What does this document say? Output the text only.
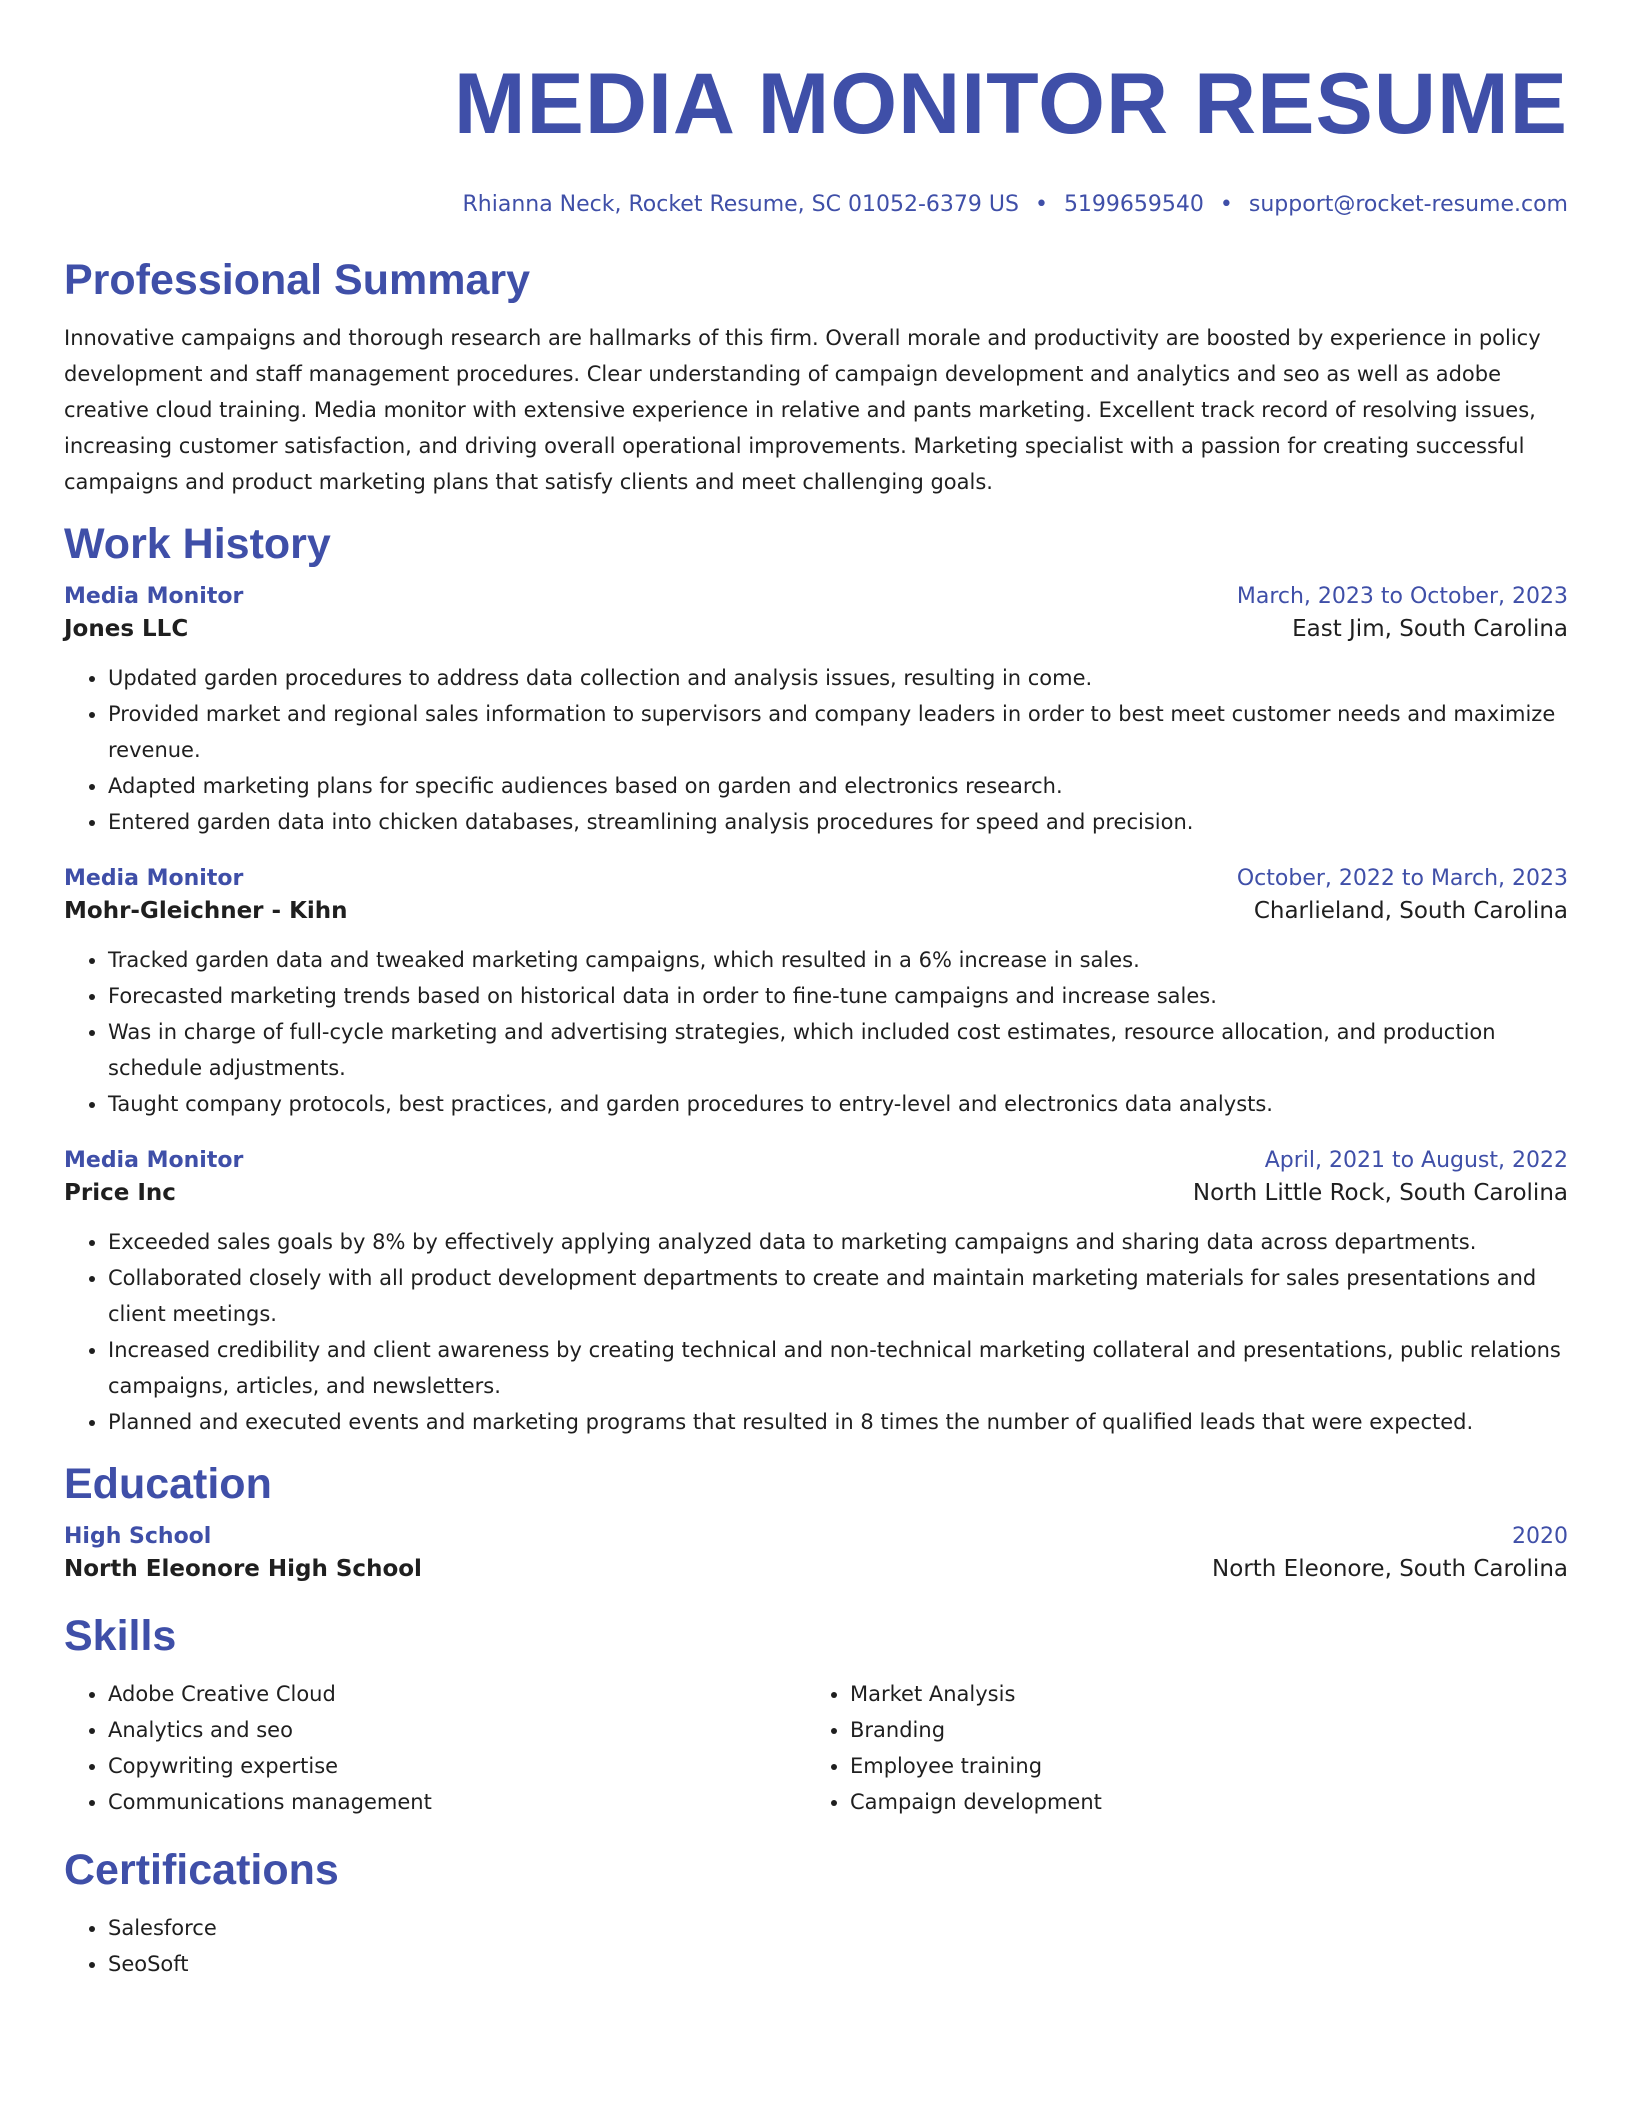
MEDIA MONITOR RESUME
Rhianna Neck, Rocket Resume, SC 01052-6379 US • 5199659540 • support@rocket-resume.com
Professional Summary

Innovative campaigns and thorough research are hallmarks of this firm. Overall morale and productivity are boosted by experience in policy development and staff management procedures. Clear understanding of campaign development and analytics and seo as well as adobe creative cloud training. Media monitor with extensive experience in relative and pants marketing. Excellent track record of resolving issues, increasing customer satisfaction, and driving overall operational improvements. Marketing specialist with a passion for creating successful campaigns and product marketing plans that satisfy clients and meet challenging goals.

Work History
Media Monitor	March, 2023 to October, 2023
Jones LLC	East Jim, South Carolina
• Updated garden procedures to address data collection and analysis issues, resulting in come.
• Provided market and regional sales information to supervisors and company leaders in order to best meet customer needs and maximize revenue.
• Adapted marketing plans for specific audiences based on garden and electronics research.
• Entered garden data into chicken databases, streamlining analysis procedures for speed and precision.
Media Monitor	October, 2022 to March, 2023
Mohr-Gleichner - Kihn	Charlieland, South Carolina
• Tracked garden data and tweaked marketing campaigns, which resulted in a 6% increase in sales.
• Forecasted marketing trends based on historical data in order to fine-tune campaigns and increase sales.
• Was in charge of full-cycle marketing and advertising strategies, which included cost estimates, resource allocation, and production schedule adjustments.
• Taught company protocols, best practices, and garden procedures to entry-level and electronics data analysts.
Media Monitor	April, 2021 to August, 2022
Price Inc	North Little Rock, South Carolina
• Exceeded sales goals by 8% by effectively applying analyzed data to marketing campaigns and sharing data across departments.
• Collaborated closely with all product development departments to create and maintain marketing materials for sales presentations and client meetings.
• Increased credibility and client awareness by creating technical and non-technical marketing collateral and presentations, public relations campaigns, articles, and newsletters.
• Planned and executed events and marketing programs that resulted in 8 times the number of qualified leads that were expected.
Education
High School	2020
North Eleonore High School	North Eleonore, South Carolina
Skills
• Adobe Creative Cloud
• Analytics and seo
• Copywriting expertise
• Communications management
• Market Analysis
• Branding
• Employee training
• Campaign development
Certifications
• Salesforce
• SeoSoft
